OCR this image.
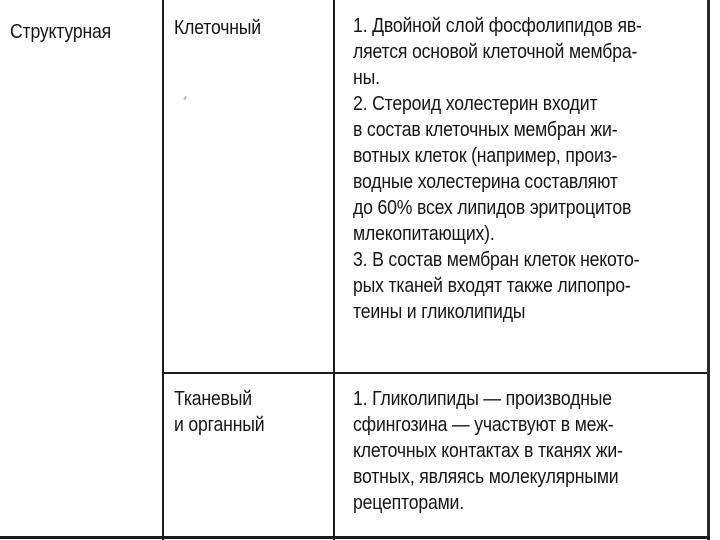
Структурная	Клеточный	1. Двойной слой фосфолипидов яв-
ляется основой клеточной мембра-
ны.
2. Стероид холестерин входит
в состав клеточных мембран жи-
вотных клеток (например, произ-
водные холестерина составляют
до 60% всех липидов эритроцитов
млекопитающих).
3. В состав мембран клеток некото-
рых тканей входят также липопро-
теины и гликолипиды
Тканевый
и органный
1. Гликолипиды — производные
сфингозина — участвуют в меж-
клеточных контактах в тканях жи-
вотных, являясь молекулярными
рецепторами.
